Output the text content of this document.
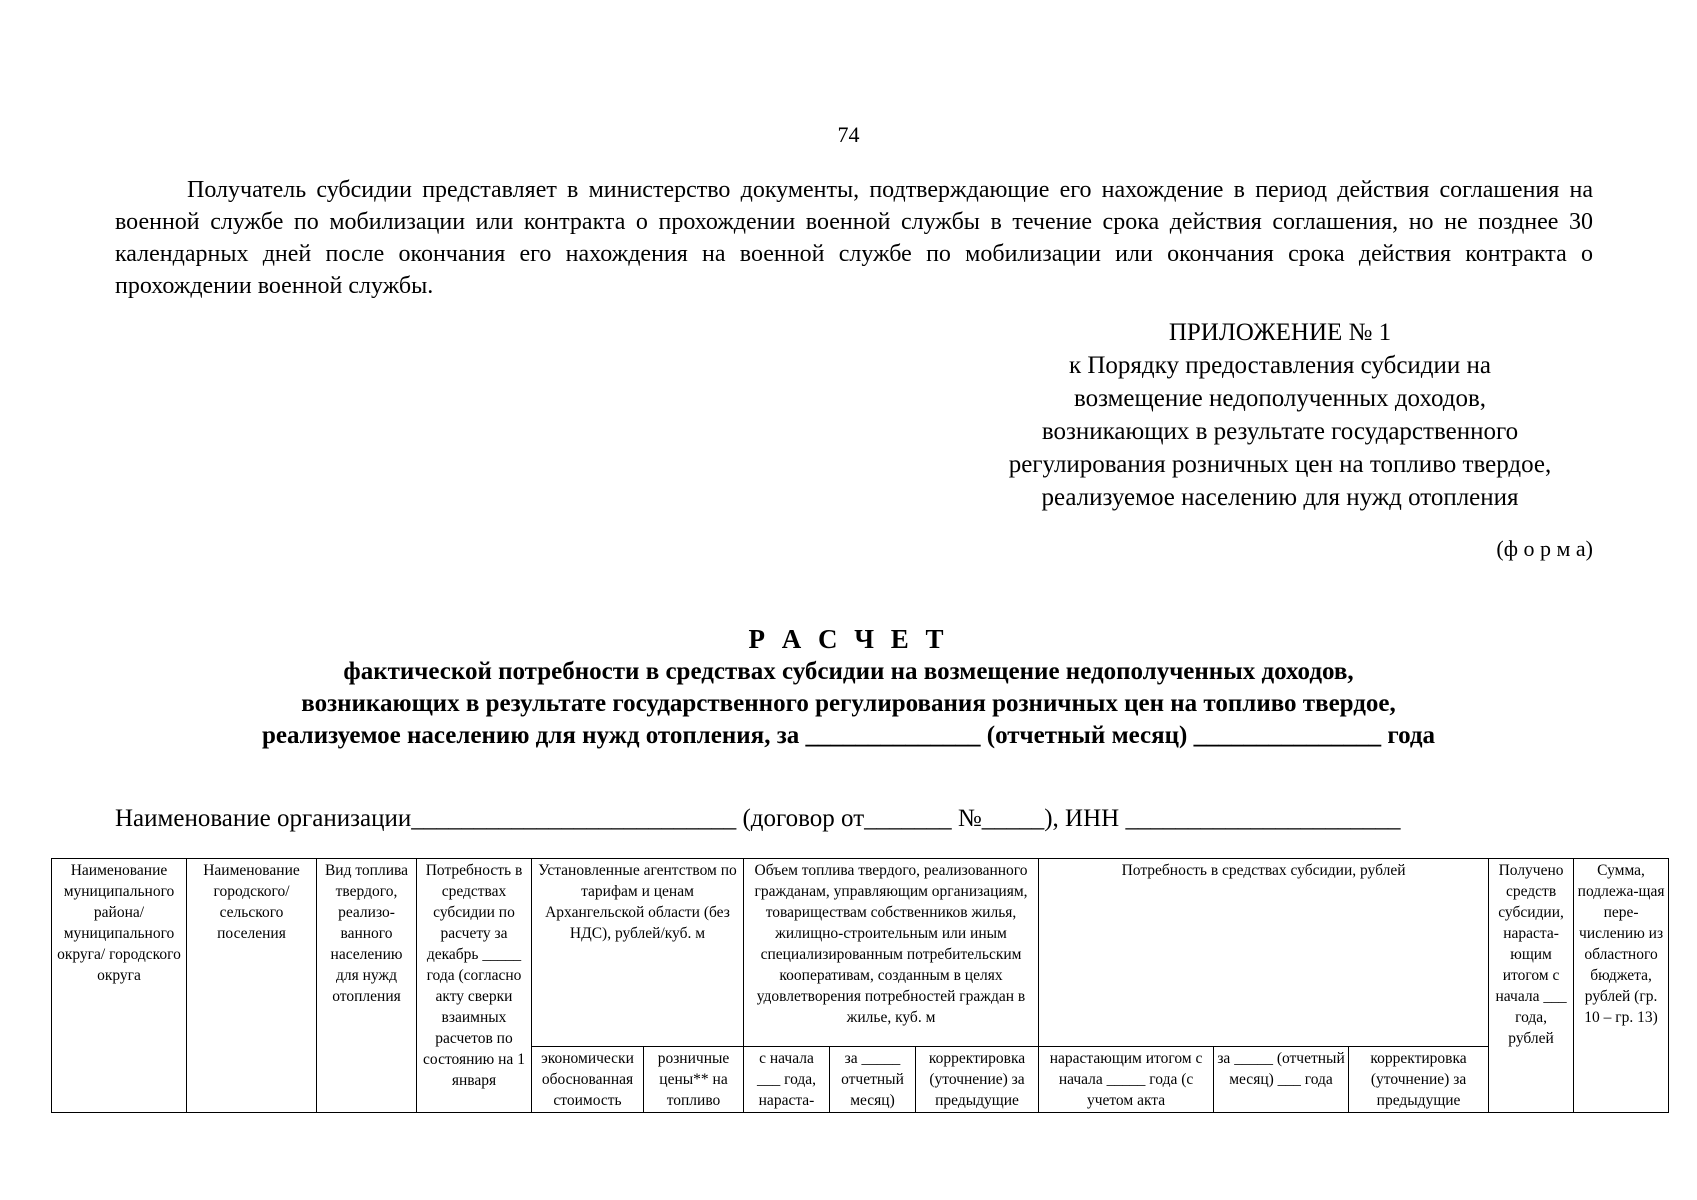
74

Получатель субсидии представляет в министерство документы, подтверждающие его нахождение в период действия соглашения на военной службе по мобилизации или контракта о прохождении военной службы в течение срока действия соглашения, но не позднее 30 календарных дней после окончания его нахождения на военной службе по мобилизации или окончания срока действия контракта о прохождении военной службы.

ПРИЛОЖЕНИЕ № 1
к Порядку предоставления субсидии на
возмещение недополученных доходов,
возникающих в результате государственного
регулирования розничных цен на топливо твердое,
реализуемое населению для нужд отопления
(ф о р м а)
Р А С Ч Е Т
фактической потребности в средствах субсидии на возмещение недополученных доходов,
возникающих в результате государственного регулирования розничных цен на топливо твердое,
реализуемое населению для нужд отопления, за ______________ (отчетный месяц) _______________ года
Наименование организации__________________________ (договор от_______ №_____), ИНН ______________________
Наименование муниципального района/ муниципального округа/ городского округа	Наименование городского/ сельского поселения	Вид топлива твердого, реализо-ванного населению для нужд отопления	Потребность в средствах субсидии по расчету за декабрь _____ года (согласно акту сверки взаимных расчетов по состоянию на 1 января	Установленные агентством по тарифам и ценам Архангельской области (без НДС), рублей/куб. м		Объем топлива твердого, реализованного гражданам, управляющим организациям, товариществам собственников жилья, жилищно-строительным или иным специализированным потребительским кооперативам, созданным в целях удовлетворения потребностей граждан в жилье, куб. м			Потребность в средствах субсидии, рублей			Получено средств субсидии, нараста-ющим итогом с начала ___ года, рублей	Сумма, подлежа-щая пере-числению из областного бюджета, рублей (гр. 10 – гр. 13)
				экономически обоснованная стоимость	розничные цены** на топливо	с начала ___ года, нараста-	за _____ отчетный месяц)	корректировка (уточнение) за предыдущие	нарастающим итогом с начала _____ года (с учетом акта	за _____ (отчетный месяц) ___ года	корректировка (уточнение) за предыдущие		
